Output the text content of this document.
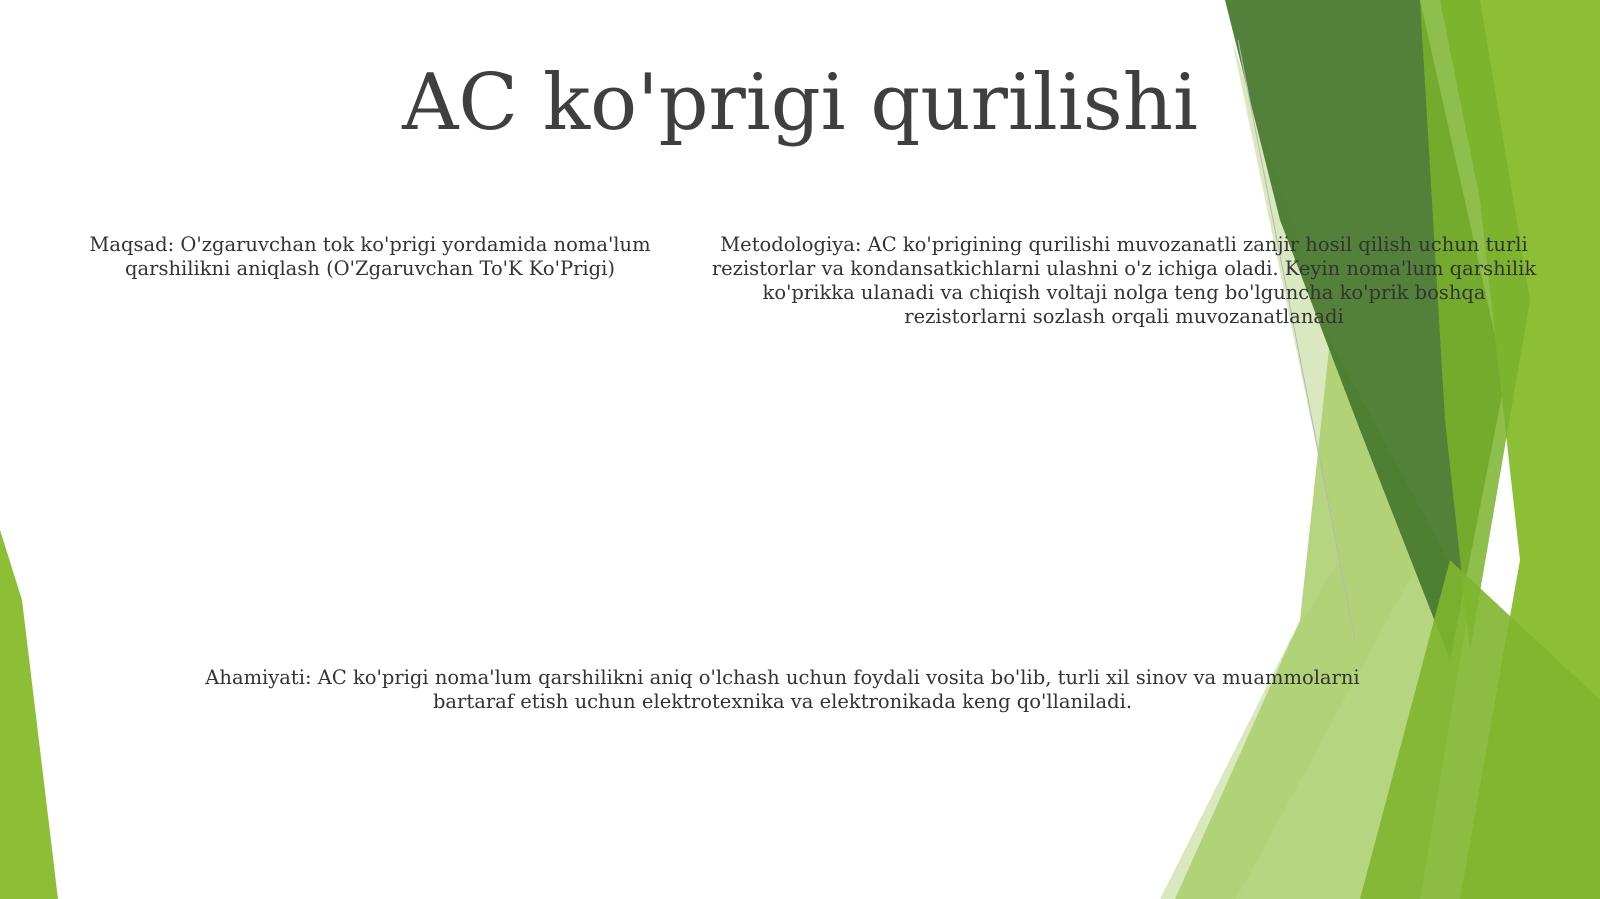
AC ko'prigi qurilishi

Maqsad: O'zgaruvchan tok ko'prigi yordamida noma'lum qarshilikni aniqlash (O'Zgaruvchan To'K Ko'Prigi)

Metodologiya: AC ko'prigining qurilishi muvozanatli zanjir hosil qilish uchun turli rezistorlar va kondansatkichlarni ulashni o'z ichiga oladi. Keyin noma'lum qarshilik ko'prikka ulanadi va chiqish voltaji nolga teng bo'lguncha ko'prik boshqa rezistorlarni sozlash orqali muvozanatlanadi

Ahamiyati: AC ko'prigi noma'lum qarshilikni aniq o'lchash uchun foydali vosita bo'lib, turli xil sinov va muammolarni bartaraf etish uchun elektrotexnika va elektronikada keng qo'llaniladi.
